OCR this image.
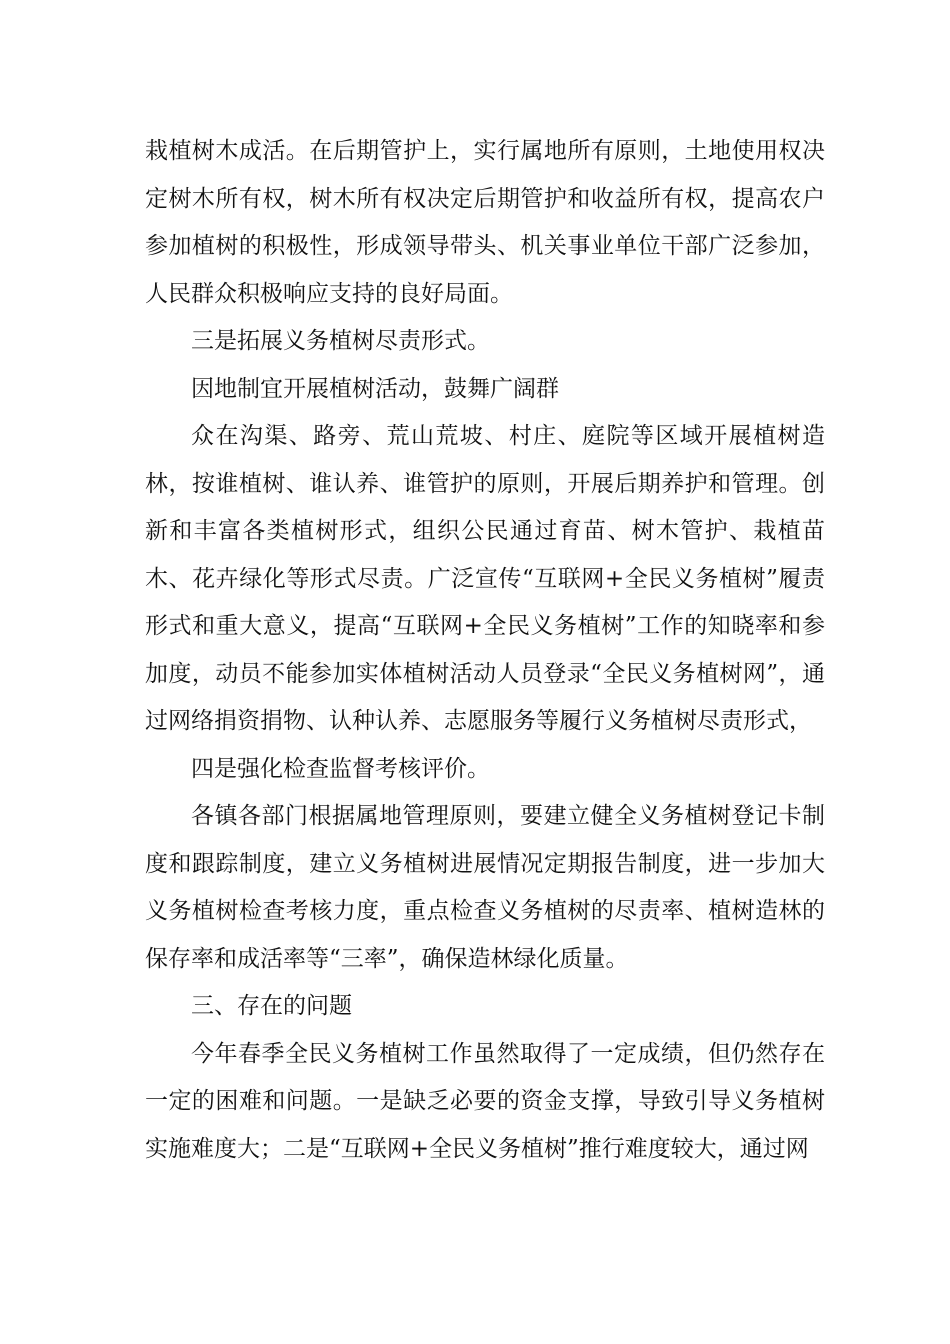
栽植树木成活。在后期管护上，实行属地所有原则，土地使用权决定树木所有权，树木所有权决定后期管护和收益所有权，提高农户参加植树的积极性，形成领导带头、机关事业单位干部广泛参加，人民群众积极响应支持的良好局面。

三是拓展义务植树尽责形式。

因地制宜开展植树活动，鼓舞广阔群

众在沟渠、路旁、荒山荒坡、村庄、庭院等区域开展植树造林，按谁植树、谁认养、谁管护的原则，开展后期养护和管理。创新和丰富各类植树形式，组织公民通过育苗、树木管护、栽植苗木、花卉绿化等形式尽责。广泛宣传“互联网+全民义务植树”履责形式和重大意义，提高“互联网+全民义务植树”工作的知晓率和参加度，动员不能参加实体植树活动人员登录“全民义务植树网”，通过网络捐资捐物、认种认养、志愿服务等履行义务植树尽责形式，

四是强化检查监督考核评价。

各镇各部门根据属地管理原则，要建立健全义务植树登记卡制度和跟踪制度，建立义务植树进展情况定期报告制度，进一步加大义务植树检查考核力度，重点检查义务植树的尽责率、植树造林的保存率和成活率等“三率”，确保造林绿化质量。

三、存在的问题

今年春季全民义务植树工作虽然取得了一定成绩，但仍然存在一定的困难和问题。一是缺乏必要的资金支撑，导致引导义务植树实施难度大；二是“互联网+全民义务植树”推行难度较大，通过网
